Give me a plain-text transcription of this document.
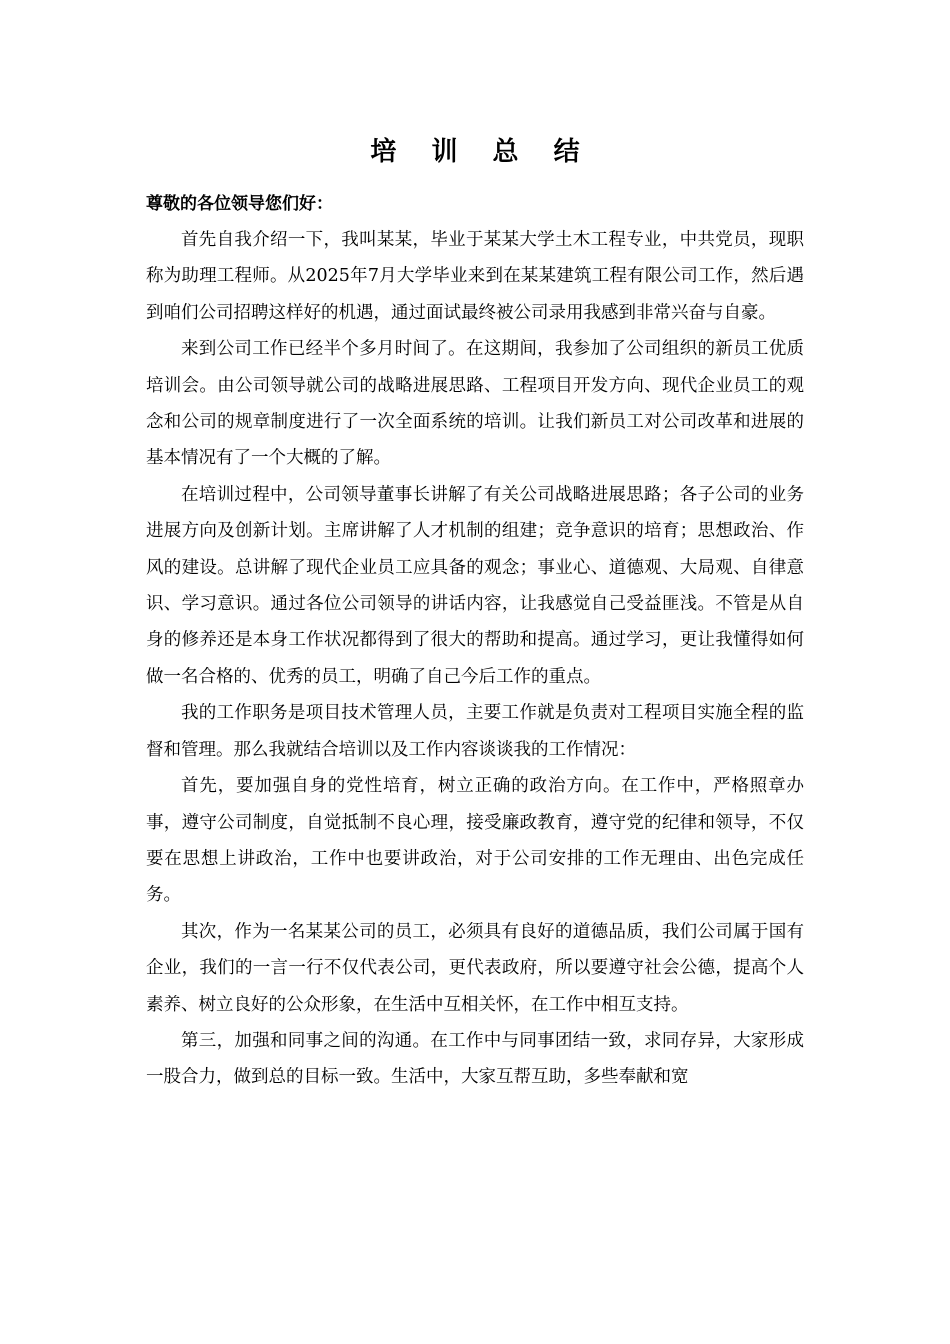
培 训 总 结

尊敬的各位领导您们好：

首先自我介绍一下，我叫某某，毕业于某某大学土木工程专业，中共党员，现职称为助理工程师。从2025年7月大学毕业来到在某某建筑工程有限公司工作，然后遇到咱们公司招聘这样好的机遇，通过面试最终被公司录用我感到非常兴奋与自豪。

来到公司工作已经半个多月时间了。在这期间，我参加了公司组织的新员工优质培训会。由公司领导就公司的战略进展思路、工程项目开发方向、现代企业员工的观念和公司的规章制度进行了一次全面系统的培训。让我们新员工对公司改革和进展的基本情况有了一个大概的了解。

在培训过程中，公司领导董事长讲解了有关公司战略进展思路；各子公司的业务进展方向及创新计划。主席讲解了人才机制的组建；竞争意识的培育；思想政治、作风的建设。总讲解了现代企业员工应具备的观念；事业心、道德观、大局观、自律意识、学习意识。通过各位公司领导的讲话内容，让我感觉自己受益匪浅。不管是从自身的修养还是本身工作状况都得到了很大的帮助和提高。通过学习，更让我懂得如何做一名合格的、优秀的员工，明确了自己今后工作的重点。

我的工作职务是项目技术管理人员，主要工作就是负责对工程项目实施全程的监督和管理。那么我就结合培训以及工作内容谈谈我的工作情况：

首先，要加强自身的党性培育，树立正确的政治方向。在工作中，严格照章办事，遵守公司制度，自觉抵制不良心理，接受廉政教育，遵守党的纪律和领导，不仅要在思想上讲政治，工作中也要讲政治，对于公司安排的工作无理由、出色完成任务。

其次，作为一名某某公司的员工，必须具有良好的道德品质，我们公司属于国有企业，我们的一言一行不仅代表公司，更代表政府，所以要遵守社会公德，提高个人素养、树立良好的公众形象，在生活中互相关怀，在工作中相互支持。

第三，加强和同事之间的沟通。在工作中与同事团结一致，求同存异，大家形成一股合力，做到总的目标一致。生活中，大家互帮互助，多些奉献和宽
